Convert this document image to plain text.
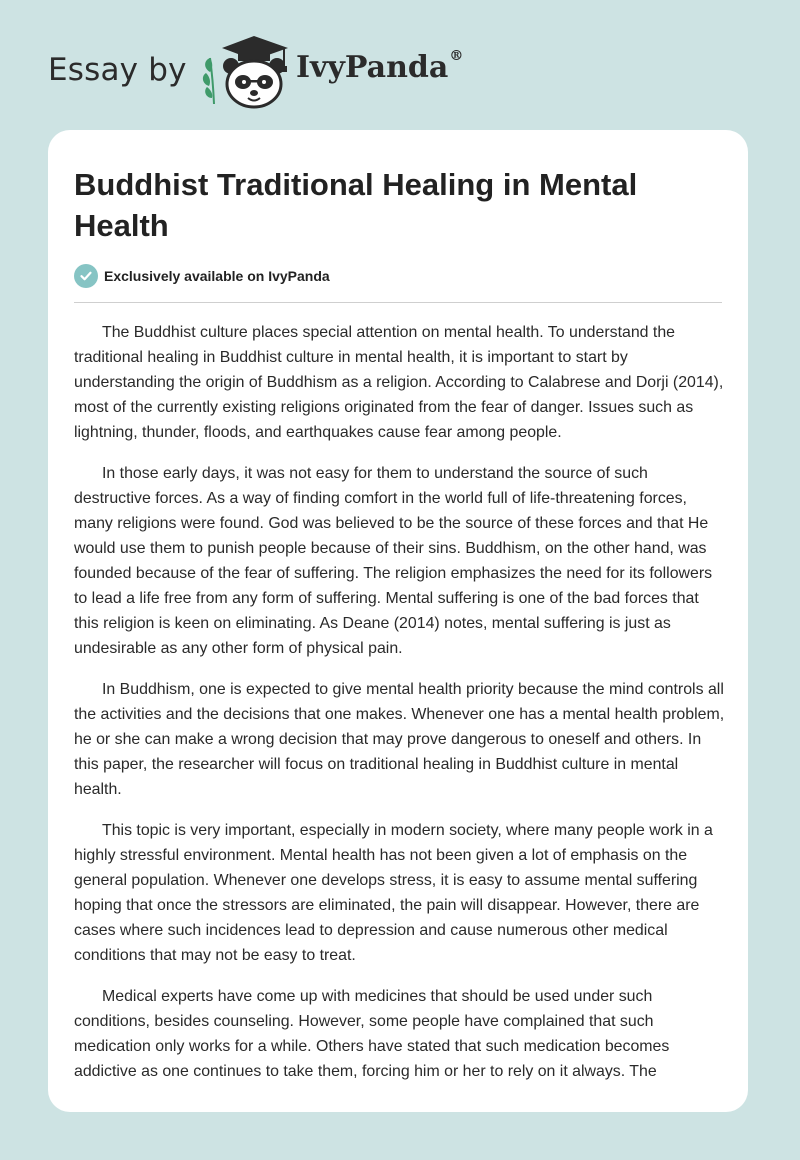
Essay by	IvyPanda®
Buddhist Traditional Healing in Mental Health
Exclusively available on IvyPanda

The Buddhist culture places special attention on mental health. To understand the traditional healing in Buddhist culture in mental health, it is important to start by understanding the origin of Buddhism as a religion. According to Calabrese and Dorji (2014), most of the currently existing religions originated from the fear of danger. Issues such as lightning, thunder, floods, and earthquakes cause fear among people.

In those early days, it was not easy for them to understand the source of such destructive forces. As a way of finding comfort in the world full of life-threatening forces, many religions were found. God was believed to be the source of these forces and that He would use them to punish people because of their sins. Buddhism, on the other hand, was founded because of the fear of suffering. The religion emphasizes the need for its followers to lead a life free from any form of suffering. Mental suffering is one of the bad forces that this religion is keen on eliminating. As Deane (2014) notes, mental suffering is just as undesirable as any other form of physical pain.

In Buddhism, one is expected to give mental health priority because the mind controls all the activities and the decisions that one makes. Whenever one has a mental health problem, he or she can make a wrong decision that may prove dangerous to oneself and others. In this paper, the researcher will focus on traditional healing in Buddhist culture in mental health.

This topic is very important, especially in modern society, where many people work in a highly stressful environment. Mental health has not been given a lot of emphasis on the general population. Whenever one develops stress, it is easy to assume mental suffering hoping that once the stressors are eliminated, the pain will disappear. However, there are cases where such incidences lead to depression and cause numerous other medical conditions that may not be easy to treat.

Medical experts have come up with medicines that should be used under such conditions, besides counseling. However, some people have complained that such medication only works for a while. Others have stated that such medication becomes addictive as one continues to take them, forcing him or her to rely on it always. The
